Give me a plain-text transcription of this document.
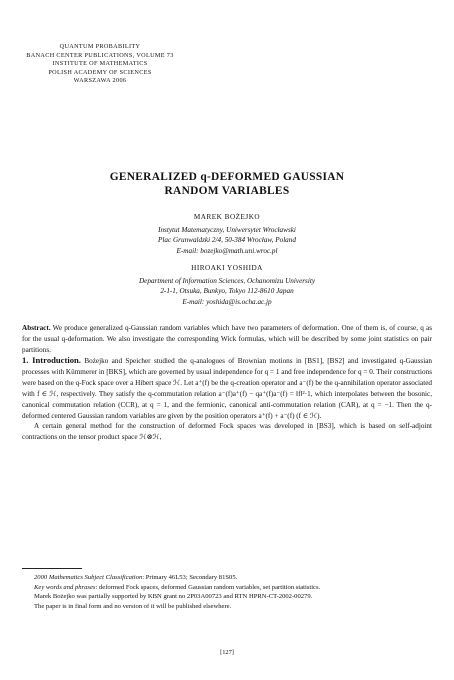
QUANTUM PROBABILITY
BANACH CENTER PUBLICATIONS, VOLUME 73
INSTITUTE OF MATHEMATICS
POLISH ACADEMY OF SCIENCES
WARSZAWA 2006
GENERALIZED q-DEFORMED GAUSSIAN
RANDOM VARIABLES
MAREK BOŻEJKO
Instytut Matematyczny, Uniwersytet Wrocławski
Plac Grunwaldzki 2/4, 50-384 Wrocław, Poland
E-mail: bozejko@math.uni.wroc.pl
HIROAKI YOSHIDA
Department of Information Sciences, Ochanomizu University
2-1-1, Otsuka, Bunkyo, Tokyo 112-8610 Japan
E-mail: yoshida@is.ocha.ac.jp
Abstract. We produce generalized q-Gaussian random variables which have two parameters of deformation. One of them is, of course, q as for the usual q-deformation. We also investigate the corresponding Wick formulas, which will be described by some joint statistics on pair partitions.

1. Introduction. Bożejko and Speicher studied the q-analogues of Brownian motions in [BS1], [BS2] and investigated q-Gaussian processes with Kümmerer in [BKS], which are governed by usual independence for q = 1 and free independence for q = 0. Their constructions were based on the q-Fock space over a Hibert space ℋ. Let a⁺(f) be the q-creation operator and a⁻(f) be the q-annihilation operator associated with f ∈ ℋ, respectively. They satisfy the q-commutation relation a⁻(f)a⁺(f) − qa⁺(f)a⁻(f) = ‖f‖²·1, which interpolates between the bosonic, canonical commutation relation (CCR), at q = 1, and the fermionic, canonical anti-commutation relation (CAR), at q = −1. Then the q-deformed centered Gaussian random variables are given by the position operators a⁺(f) + a⁻(f) (f ∈ ℋ).

A certain general method for the construction of deformed Fock spaces was developed in [BS3], which is based on self-adjoint contractions on the tensor product space ℋ⊗ℋ,

2000 Mathematics Subject Classification: Primary 46L53; Secondary 81S05.

Key words and phrases: deformed Fock spaces, deformed Gaussian random variables, set partition statistics.

Marek Bożejko was partially supported by KBN grant no 2P03A00723 and RTN HPRN-CT-2002-00279.

The paper is in final form and no version of it will be published elsewhere.

[127]
